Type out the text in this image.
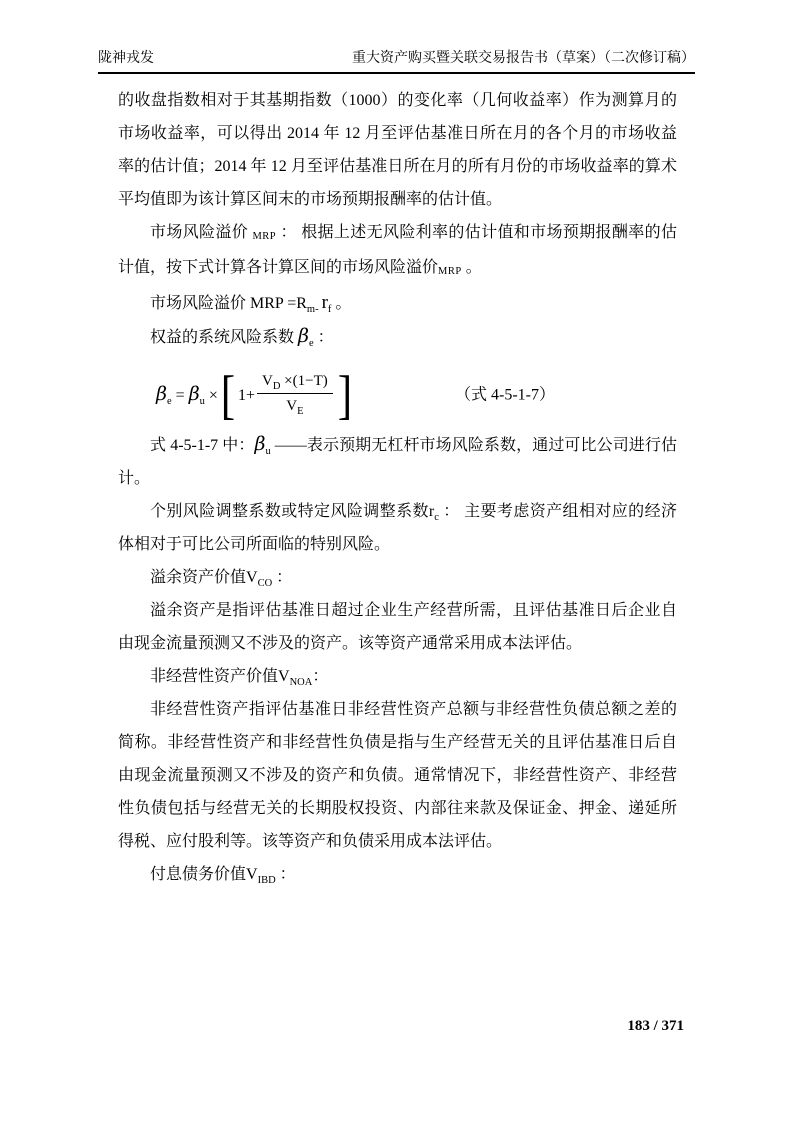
陇神戎发	重大资产购买暨关联交易报告书（草案）（二次修订稿）

的收盘指数相对于其基期指数（1000）的变化率（几何收益率）作为测算月的市场收益率，可以得出 2014 年 12 月至评估基准日所在月的各个月的市场收益率的估计值；2014 年 12 月至评估基准日所在月的所有月份的市场收益率的算术平均值即为该计算区间末的市场预期报酬率的估计值。

市场风险溢价 MRP ： 根据上述无风险利率的估计值和市场预期报酬率的估计值，按下式计算各计算区间的市场风险溢价MRP 。

市场风险溢价 MRP $=R_{m-}$ $r_f$ 。

权益的系统风险系数 $\beta_e$ ：

$\beta_e = \beta_u$ × [ $1+ \frac{V_D \times(1-T)}{V_E}$ ]	（式 4-5-1-7）

式 4-5-1-7 中：$\beta_u$ ——表示预期无杠杆市场风险系数，通过可比公司进行估计。

个别风险调整系数或特定风险调整系数$r_c$ ： 主要考虑资产组相对应的经济体相对于可比公司所面临的特别风险。

溢余资产价值$V_{CO}$ ：

溢余资产是指评估基准日超过企业生产经营所需，且评估基准日后企业自由现金流量预测又不涉及的资产。该等资产通常采用成本法评估。

非经营性资产价值$V_{NOA}$：

非经营性资产指评估基准日非经营性资产总额与非经营性负债总额之差的简称。非经营性资产和非经营性负债是指与生产经营无关的且评估基准日后自由现金流量预测又不涉及的资产和负债。通常情况下，非经营性资产、非经营性负债包括与经营无关的长期股权投资、内部往来款及保证金、押金、递延所得税、应付股利等。该等资产和负债采用成本法评估。

付息债务价值$V_{IBD}$ ：

183 / 371
